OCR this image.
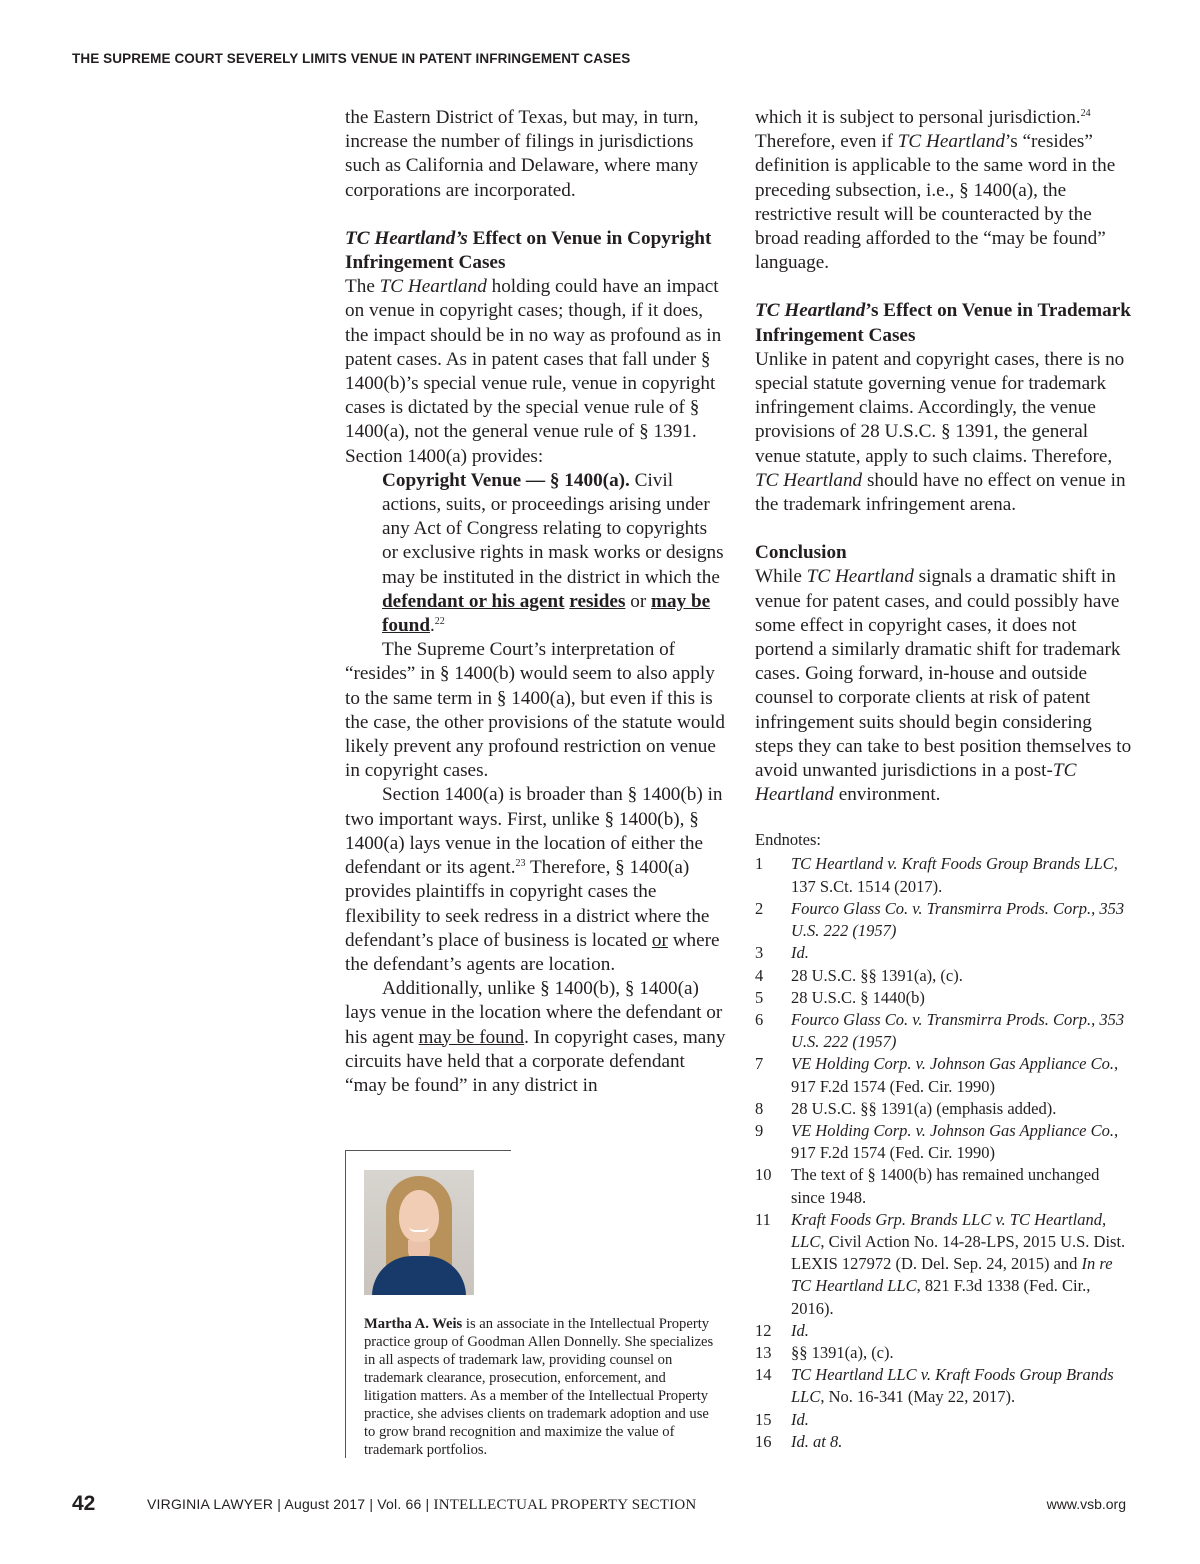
THE SUPREME COURT SEVERELY LIMITS VENUE IN PATENT INFRINGEMENT CASES

the Eastern District of Texas, but may, in turn, increase the number of filings in jurisdictions such as California and Delaware, where many corporations are incorporated.

TC Heartland’s Effect on Venue in Copyright Infringement Cases

The TC Heartland holding could have an impact on venue in copyright cases; though, if it does, the impact should be in no way as profound as in patent cases. As in patent cases that fall under § 1400(b)’s special venue rule, venue in copyright cases is dictated by the special venue rule of § 1400(a), not the general venue rule of § 1391. Section 1400(a) provides:

Copyright Venue — § 1400(a). Civil actions, suits, or proceedings arising under any Act of Congress relating to copyrights or exclusive rights in mask works or designs may be instituted in the district in which the defendant or his agent resides or may be found.$^{22}$

The Supreme Court’s interpretation of “resides” in § 1400(b) would seem to also apply to the same term in § 1400(a), but even if this is the case, the other provisions of the statute would likely prevent any profound restriction on venue in copyright cases.

Section 1400(a) is broader than § 1400(b) in two important ways. First, unlike § 1400(b), § 1400(a) lays venue in the location of either the defendant or its agent.$^{23}$ Therefore, § 1400(a) provides plaintiffs in copyright cases the flexibility to seek redress in a district where the defendant’s place of business is located or where the defendant’s agents are location.

Additionally, unlike § 1400(b), § 1400(a) lays venue in the location where the defendant or his agent may be found. In copyright cases, many circuits have held that a corporate defendant “may be found” in any district in

Martha A. Weis is an associate in the Intellectual Property practice group of Goodman Allen Donnelly. She specializes in all aspects of trademark law, providing counsel on trademark clearance, prosecution, enforcement, and litigation matters. As a member of the Intellectual Property practice, she advises clients on trademark adoption and use to grow brand recognition and maximize the value of trademark portfolios.

which it is subject to personal jurisdiction.$^{24}$ Therefore, even if TC Heartland’s “resides” definition is applicable to the same word in the preceding subsection, i.e., § 1400(a), the restrictive result will be counteracted by the broad reading afforded to the “may be found” language.

TC Heartland’s Effect on Venue in Trademark Infringement Cases

Unlike in patent and copyright cases, there is no special statute governing venue for trademark infringement claims. Accordingly, the venue provisions of 28 U.S.C. § 1391, the general venue statute, apply to such claims. Therefore, TC Heartland should have no effect on venue in the trademark infringement arena.

Conclusion

While TC Heartland signals a dramatic shift in venue for patent cases, and could possibly have some effect in copyright cases, it does not portend a similarly dramatic shift for trademark cases. Going forward, in-house and outside counsel to corporate clients at risk of patent infringement suits should begin considering steps they can take to best position themselves to avoid unwanted jurisdictions in a post-TC Heartland environment.

Endnotes:
1	TC Heartland v. Kraft Foods Group Brands LLC, 137 S.Ct. 1514 (2017).
2	Fourco Glass Co. v. Transmirra Prods. Corp., 353 U.S. 222 (1957)
3	Id.
4	28 U.S.C. §§ 1391(a), (c).
5	28 U.S.C. § 1440(b)
6	Fourco Glass Co. v. Transmirra Prods. Corp., 353 U.S. 222 (1957)
7	VE Holding Corp. v. Johnson Gas Appliance Co., 917 F.2d 1574 (Fed. Cir. 1990)
8	28 U.S.C. §§ 1391(a) (emphasis added).
9	VE Holding Corp. v. Johnson Gas Appliance Co., 917 F.2d 1574 (Fed. Cir. 1990)
10	The text of § 1400(b) has remained unchanged since 1948.
11	Kraft Foods Grp. Brands LLC v. TC Heartland, LLC, Civil Action No. 14-28-LPS, 2015 U.S. Dist. LEXIS 127972 (D. Del. Sep. 24, 2015) and In re TC Heartland LLC, 821 F.3d 1338 (Fed. Cir., 2016).
12	Id.
13	§§ 1391(a), (c).
14	TC Heartland LLC v. Kraft Foods Group Brands LLC, No. 16-341 (May 22, 2017).
15	Id.
16	Id. at 8.
42	VIRGINIA LAWYER | August 2017 | Vol. 66 | INTELLECTUAL PROPERTY SECTION	www.vsb.org
